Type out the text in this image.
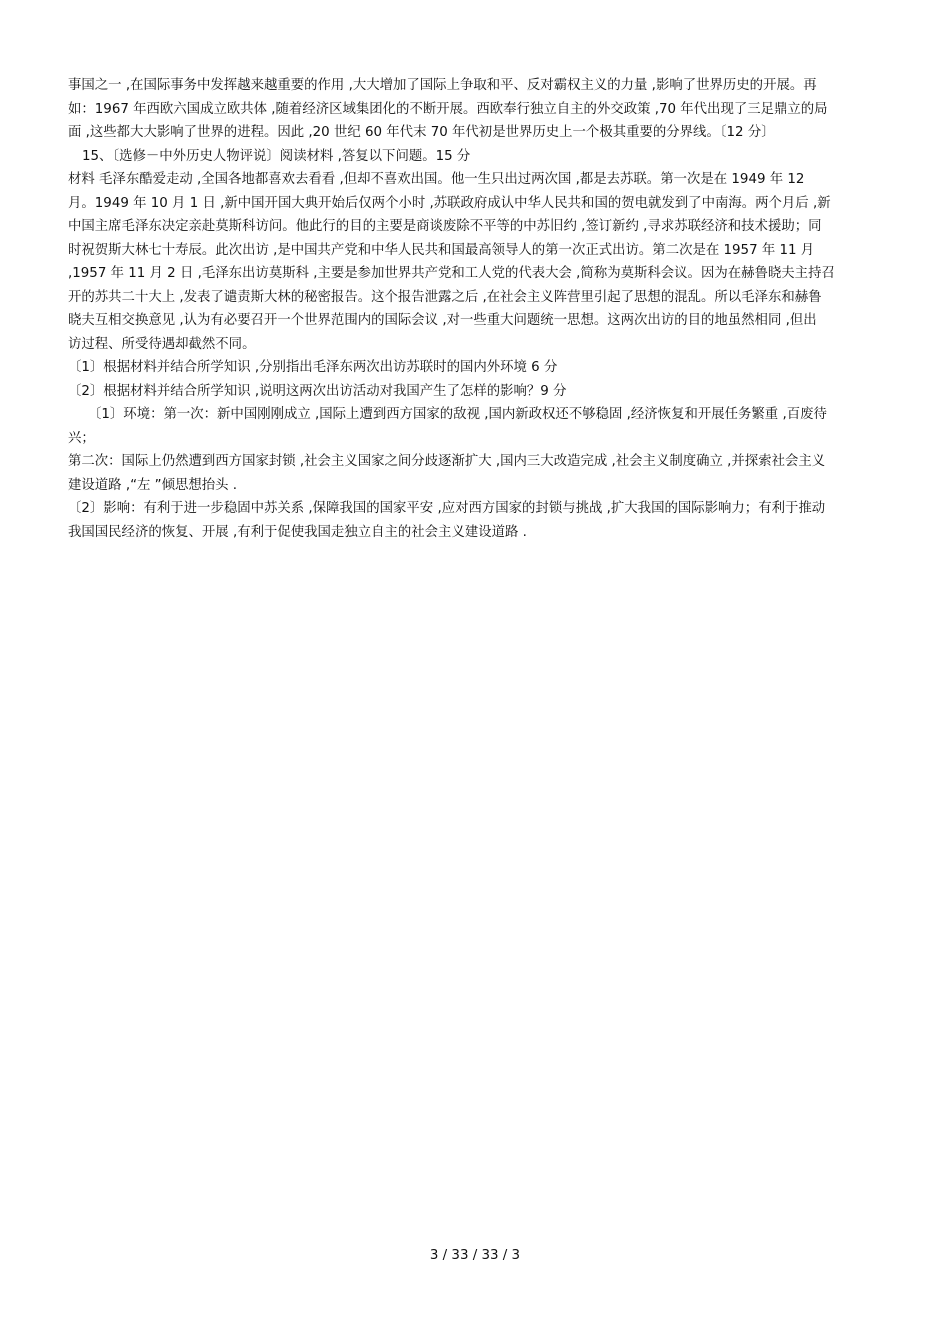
事国之一 ,在国际事务中发挥越来越重要的作用 ,大大增加了国际上争取和平、反对霸权主义的力量 ,影响了世界历史的开展。再
如：1967 年西欧六国成立欧共体 ,随着经济区域集团化的不断开展。西欧奉行独立自主的外交政策 ,70 年代出现了三足鼎立的局
面 ,这些都大大影响了世界的进程。因此 ,20 世纪 60 年代末 70 年代初是世界历史上一个极其重要的分界线。〔12 分〕
15、〔选修－中外历史人物评说〕阅读材料 ,答复以下问题。15 分
材料 毛泽东酷爱走动 ,全国各地都喜欢去看看 ,但却不喜欢出国。他一生只出过两次国 ,都是去苏联。第一次是在 1949 年 12
月。1949 年 10 月 1 日 ,新中国开国大典开始后仅两个小时 ,苏联政府成认中华人民共和国的贺电就发到了中南海。两个月后 ,新
中国主席毛泽东决定亲赴莫斯科访问。他此行的目的主要是商谈废除不平等的中苏旧约 ,签订新约 ,寻求苏联经济和技术援助；同
时祝贺斯大林七十寿辰。此次出访 ,是中国共产党和中华人民共和国最高领导人的第一次正式出访。第二次是在 1957 年 11 月
,1957 年 11 月 2 日 ,毛泽东出访莫斯科 ,主要是参加世界共产党和工人党的代表大会 ,简称为莫斯科会议。因为在赫鲁晓夫主持召
开的苏共二十大上 ,发表了谴责斯大林的秘密报告。这个报告泄露之后 ,在社会主义阵营里引起了思想的混乱。所以毛泽东和赫鲁
晓夫互相交换意见 ,认为有必要召开一个世界范围内的国际会议 ,对一些重大问题统一思想。这两次出访的目的地虽然相同 ,但出
访过程、所受待遇却截然不同。
〔1〕根据材料并结合所学知识 ,分别指出毛泽东两次出访苏联时的国内外环境 6 分
〔2〕根据材料并结合所学知识 ,说明这两次出访活动对我国产生了怎样的影响？9 分
〔1〕环境：第一次：新中国刚刚成立 ,国际上遭到西方国家的敌视 ,国内新政权还不够稳固 ,经济恢复和开展任务繁重 ,百废待
兴；
第二次：国际上仍然遭到西方国家封锁 ,社会主义国家之间分歧逐渐扩大 ,国内三大改造完成 ,社会主义制度确立 ,并探索社会主义
建设道路 ,“左 ”倾思想抬头 .
〔2〕影响：有利于进一步稳固中苏关系 ,保障我国的国家平安 ,应对西方国家的封锁与挑战 ,扩大我国的国际影响力；有利于推动
我国国民经济的恢复、开展 ,有利于促使我国走独立自主的社会主义建设道路 .
3 / 33 / 33 / 3
